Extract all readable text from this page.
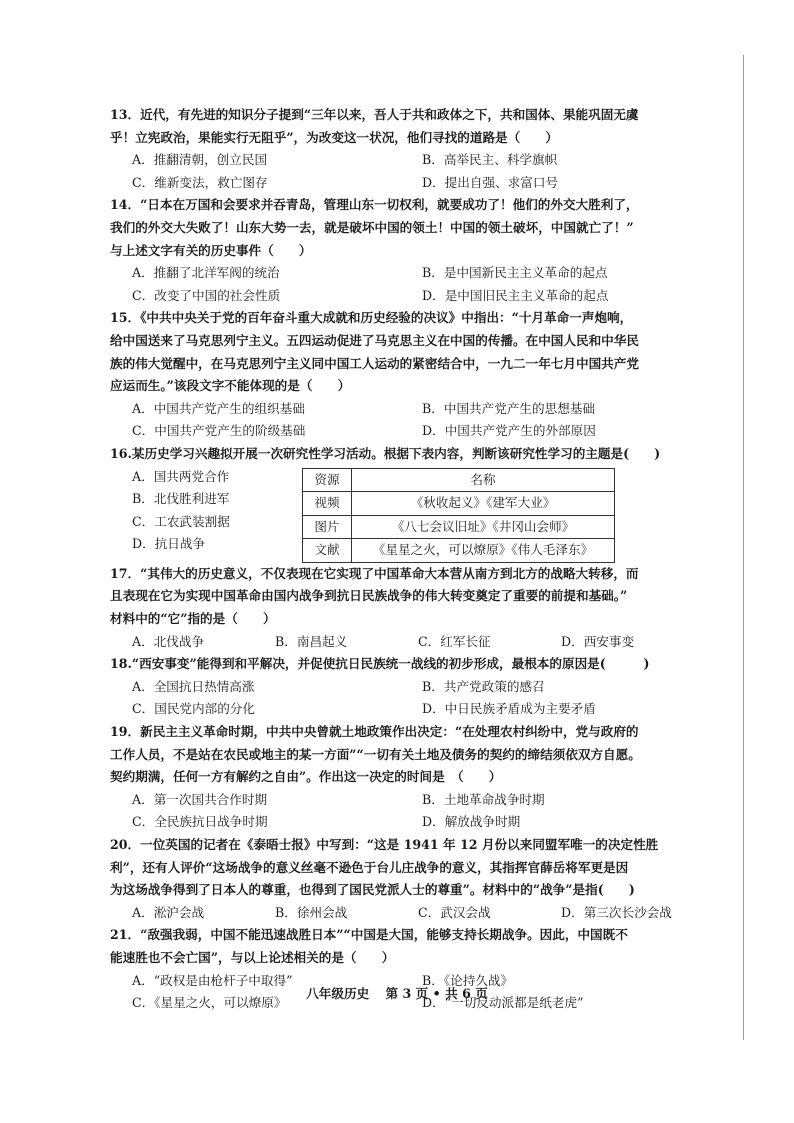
13．近代，有先进的知识分子提到“三年以来，吾人于共和政体之下，共和国体、果能巩固无虞

乎！立宪政治，果能实行无阻乎”，为改变这一状况，他们寻找的道路是（　　）

A．推翻清朝，创立民国	B．高举民主、科学旗帜
C．维新变法，救亡图存	D．提出自强、求富口号

14．“日本在万国和会要求并吞青岛，管理山东一切权利，就要成功了！他们的外交大胜利了，

我们的外交大失败了！山东大势一去，就是破坏中国的领土！中国的领土破坏，中国就亡了！”

与上述文字有关的历史事件（　　）

A．推翻了北洋军阀的统治	B．是中国新民主主义革命的起点
C．改变了中国的社会性质	D．是中国旧民主主义革命的起点

15．《中共中央关于党的百年奋斗重大成就和历史经验的决议》中指出：“十月革命一声炮响，

给中国送来了马克思列宁主义。五四运动促进了马克思主义在中国的传播。在中国人民和中华民

族的伟大觉醒中，在马克思列宁主义同中国工人运动的紧密结合中，一九二一年七月中国共产党

应运而生。”该段文字不能体现的是（　　）

A．中国共产党产生的组织基础	B．中国共产党产生的思想基础
C．中国共产党产生的阶级基础	D．中国共产党产生的外部原因

16.某历史学习兴趣拟开展一次研究性学习活动。根据下表内容，判断该研究性学习的主题是(　　)

A．国共两党合作
B．北伐胜利进军
C．工农武装割据
D．抗日战争
资源	名称
视频	《秋收起义》《建军大业》
图片	《八七会议旧址》《井冈山会师》
文献	《星星之火，可以燎原》《伟人毛泽东》

17．“其伟大的历史意义，不仅表现在它实现了中国革命大本营从南方到北方的战略大转移，而

且表现在它为实现中国革命由国内战争到抗日民族战争的伟大转变奠定了重要的前提和基础。”

材料中的“它”指的是（　　）

A．北伐战争	B．南昌起义	C．红军长征	D．西安事变

18.“西安事变”能得到和平解决，并促使抗日民族统一战线的初步形成，最根本的原因是(　　　)

A．全国抗日热情高涨	B．共产党政策的感召
C．国民党内部的分化	D．中日民族矛盾成为主要矛盾

19．新民主主义革命时期，中共中央曾就土地政策作出决定：“在处理农村纠纷中，党与政府的

工作人员，不是站在农民或地主的某一方面”“一切有关土地及债务的契约的缔结须依双方自愿。

契约期满，任何一方有解约之自由”。作出这一决定的时间是　（　　）

A．第一次国共合作时期	B．土地革命战争时期
C．全民族抗日战争时期	D．解放战争时期

20．一位英国的记者在《泰晤士报》中写到：“这是 1941 年 12 月份以来同盟军唯一的决定性胜

利”，还有人评价“这场战争的意义丝毫不逊色于台儿庄战争的意义，其指挥官薛岳将军更是因

为这场战争得到了日本人的尊重，也得到了国民党派人士的尊重”。材料中的“战争”是指(　　)

A．淞沪会战	B．徐州会战	C．武汉会战	D．第三次长沙会战

21．“敌强我弱，中国不能迅速战胜日本”“中国是大国，能够支持长期战争。因此，中国既不

能速胜也不会亡国”，与以上论述相关的是（　　）

A．“政权是由枪杆子中取得”	B．《论持久战》
C．《星星之火，可以燎原》	D．“一切反动派都是纸老虎”
八年级历史 第 3 页 • 共 6 页
